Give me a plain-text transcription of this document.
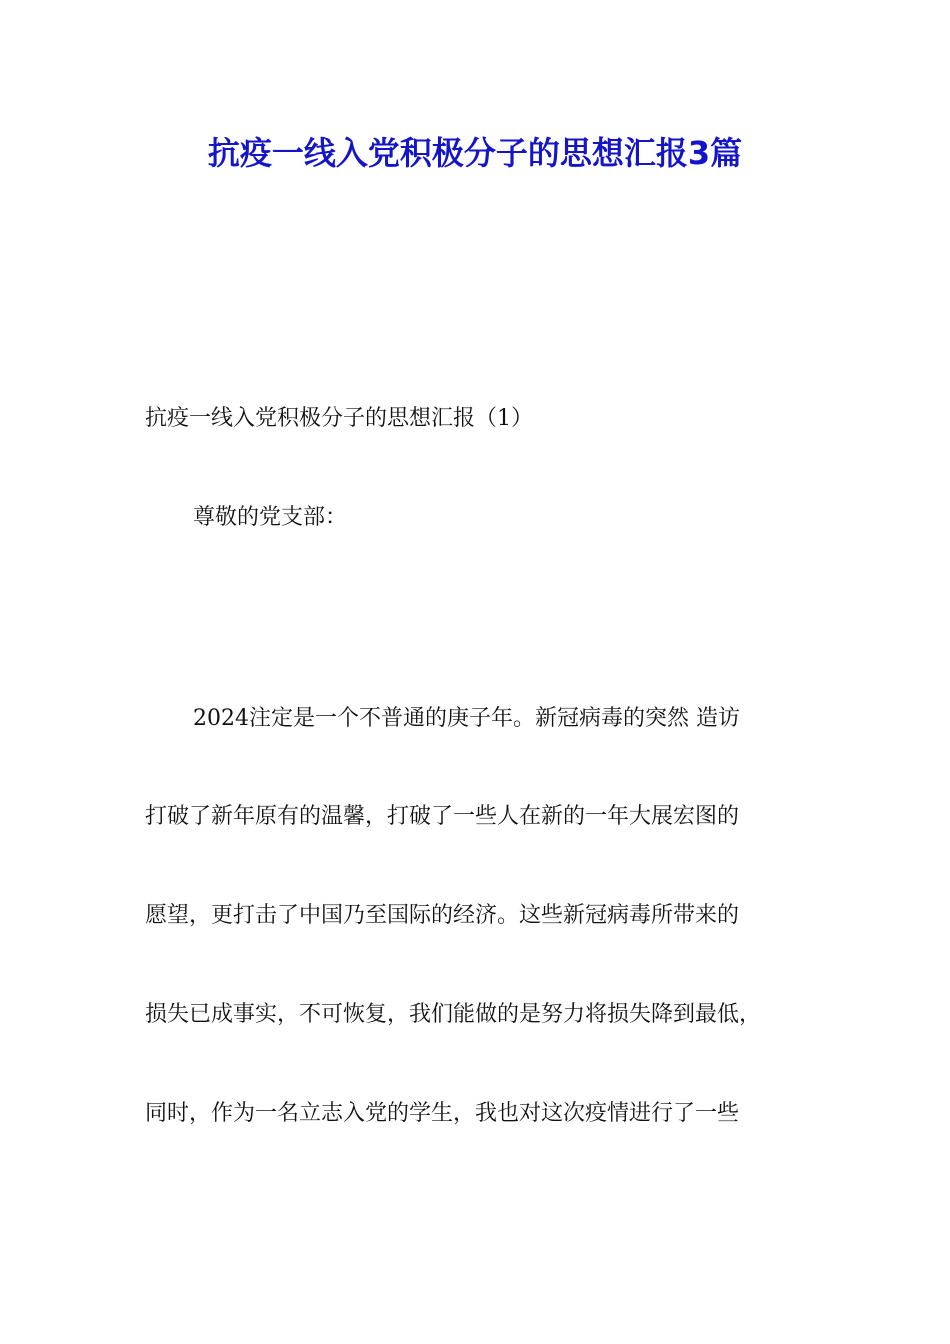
抗疫一线入党积极分子的思想汇报3篇

抗疫一线入党积极分子的思想汇报（1）

尊敬的党支部：

2024注定是一个不普通的庚子年。新冠病毒的突然 造访

打破了新年原有的温馨，打破了一些人在新的一年大展宏图的

愿望，更打击了中国乃至国际的经济。这些新冠病毒所带来的

损失已成事实，不可恢复，我们能做的是努力将损失降到最低，

同时，作为一名立志入党的学生，我也对这次疫情进行了一些
